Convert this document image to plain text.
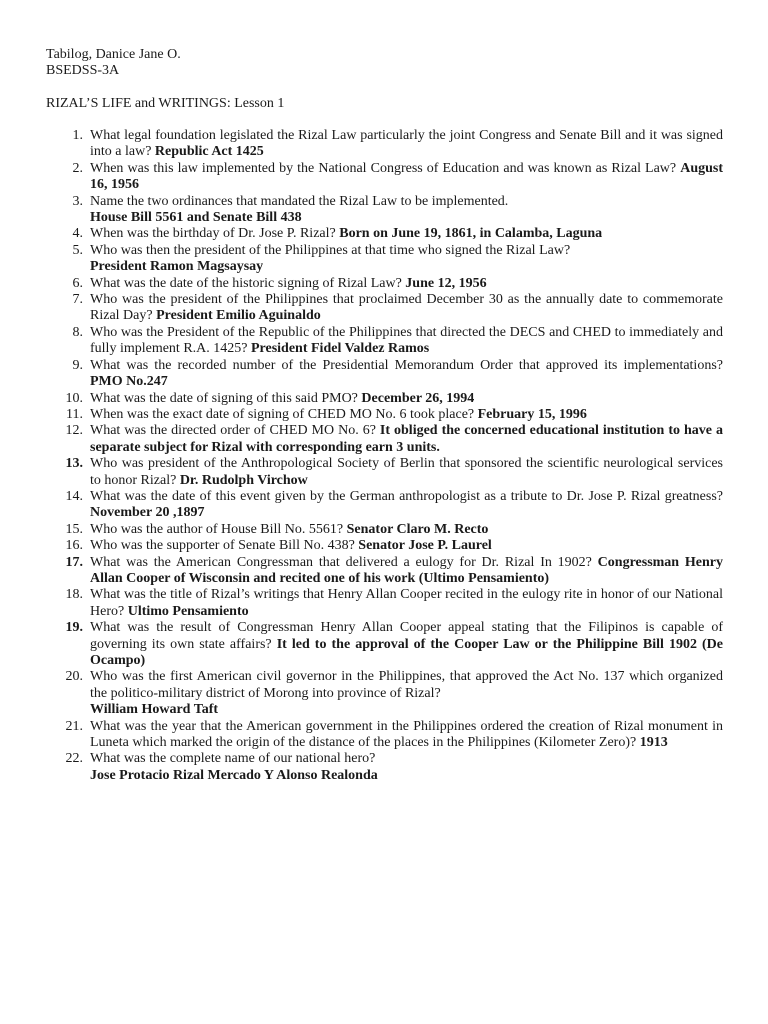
Tabilog, Danice Jane O.
BSEDSS-3A
RIZAL’S LIFE and WRITINGS: Lesson 1
1. What legal foundation legislated the Rizal Law particularly the joint Congress and Senate Bill and it was signed into a law? Republic Act 1425
2. When was this law implemented by the National Congress of Education and was known as Rizal Law? August 16, 1956
3. Name the two ordinances that mandated the Rizal Law to be implemented.
House Bill 5561 and Senate Bill 438
4. When was the birthday of Dr. Jose P. Rizal? Born on June 19, 1861, in Calamba, Laguna
5. Who was then the president of the Philippines at that time who signed the Rizal Law?
President Ramon Magsaysay
6. What was the date of the historic signing of Rizal Law? June 12, 1956
7. Who was the president of the Philippines that proclaimed December 30 as the annually date to commemorate Rizal Day? President Emilio Aguinaldo
8. Who was the President of the Republic of the Philippines that directed the DECS and CHED to immediately and fully implement R.A. 1425? President Fidel Valdez Ramos
9. What was the recorded number of the Presidential Memorandum Order that approved its implementations? PMO No.247
10. What was the date of signing of this said PMO? December 26, 1994
11. When was the exact date of signing of CHED MO No. 6 took place? February 15, 1996
12. What was the directed order of CHED MO No. 6? It obliged the concerned educational institution to have a separate subject for Rizal with corresponding earn 3 units.
13. Who was president of the Anthropological Society of Berlin that sponsored the scientific neurological services to honor Rizal? Dr. Rudolph Virchow
14. What was the date of this event given by the German anthropologist as a tribute to Dr. Jose P. Rizal greatness? November 20 ,1897
15. Who was the author of House Bill No. 5561? Senator Claro M. Recto
16. Who was the supporter of Senate Bill No. 438? Senator Jose P. Laurel
17. What was the American Congressman that delivered a eulogy for Dr. Rizal In 1902? Congressman Henry Allan Cooper of Wisconsin and recited one of his work (Ultimo Pensamiento)
18. What was the title of Rizal’s writings that Henry Allan Cooper recited in the eulogy rite in honor of our National Hero? Ultimo Pensamiento
19. What was the result of Congressman Henry Allan Cooper appeal stating that the Filipinos is capable of governing its own state affairs? It led to the approval of the Cooper Law or the Philippine Bill 1902 (De Ocampo)
20. Who was the first American civil governor in the Philippines, that approved the Act No. 137 which organized the politico-military district of Morong into province of Rizal?
William Howard Taft
21. What was the year that the American government in the Philippines ordered the creation of Rizal monument in Luneta which marked the origin of the distance of the places in the Philippines (Kilometer Zero)? 1913
22. What was the complete name of our national hero?
Jose Protacio Rizal Mercado Y Alonso Realonda
